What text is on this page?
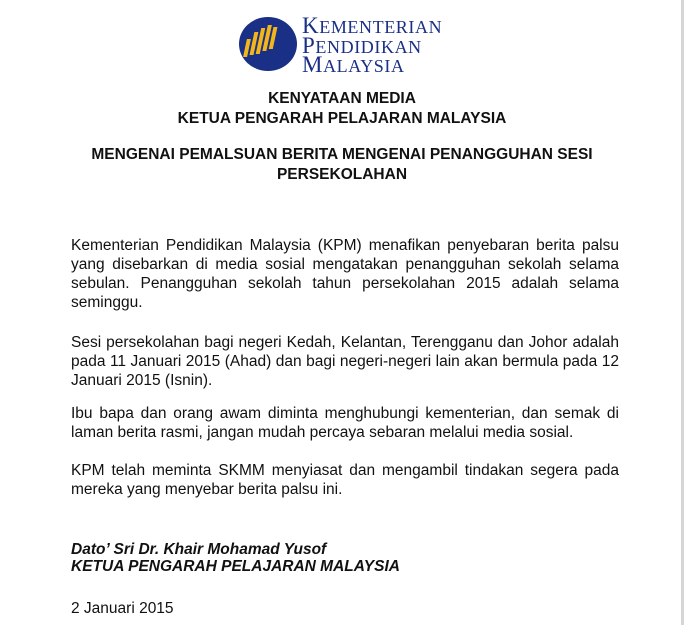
KEMENTERIAN
PENDIDIKAN
MALAYSIA
KENYATAAN MEDIA
KETUA PENGARAH PELAJARAN MALAYSIA
MENGENAI PEMALSUAN BERITA MENGENAI PENANGGUHAN SESI
PERSEKOLAHAN

Kementerian Pendidikan Malaysia (KPM) menafikan penyebaran berita palsu yang disebarkan di media sosial mengatakan penangguhan sekolah selama sebulan. Penangguhan sekolah tahun persekolahan 2015 adalah selama seminggu.

Sesi persekolahan bagi negeri Kedah, Kelantan, Terengganu dan Johor adalah pada 11 Januari 2015 (Ahad) dan bagi negeri-negeri lain akan bermula pada 12 Januari 2015 (Isnin).

Ibu bapa dan orang awam diminta menghubungi kementerian, dan semak di laman berita rasmi, jangan mudah percaya sebaran melalui media sosial.

KPM telah meminta SKMM menyiasat dan mengambil tindakan segera pada mereka yang menyebar berita palsu ini.

Dato’ Sri Dr. Khair Mohamad Yusof

KETUA PENGARAH PELAJARAN MALAYSIA

2 Januari 2015
